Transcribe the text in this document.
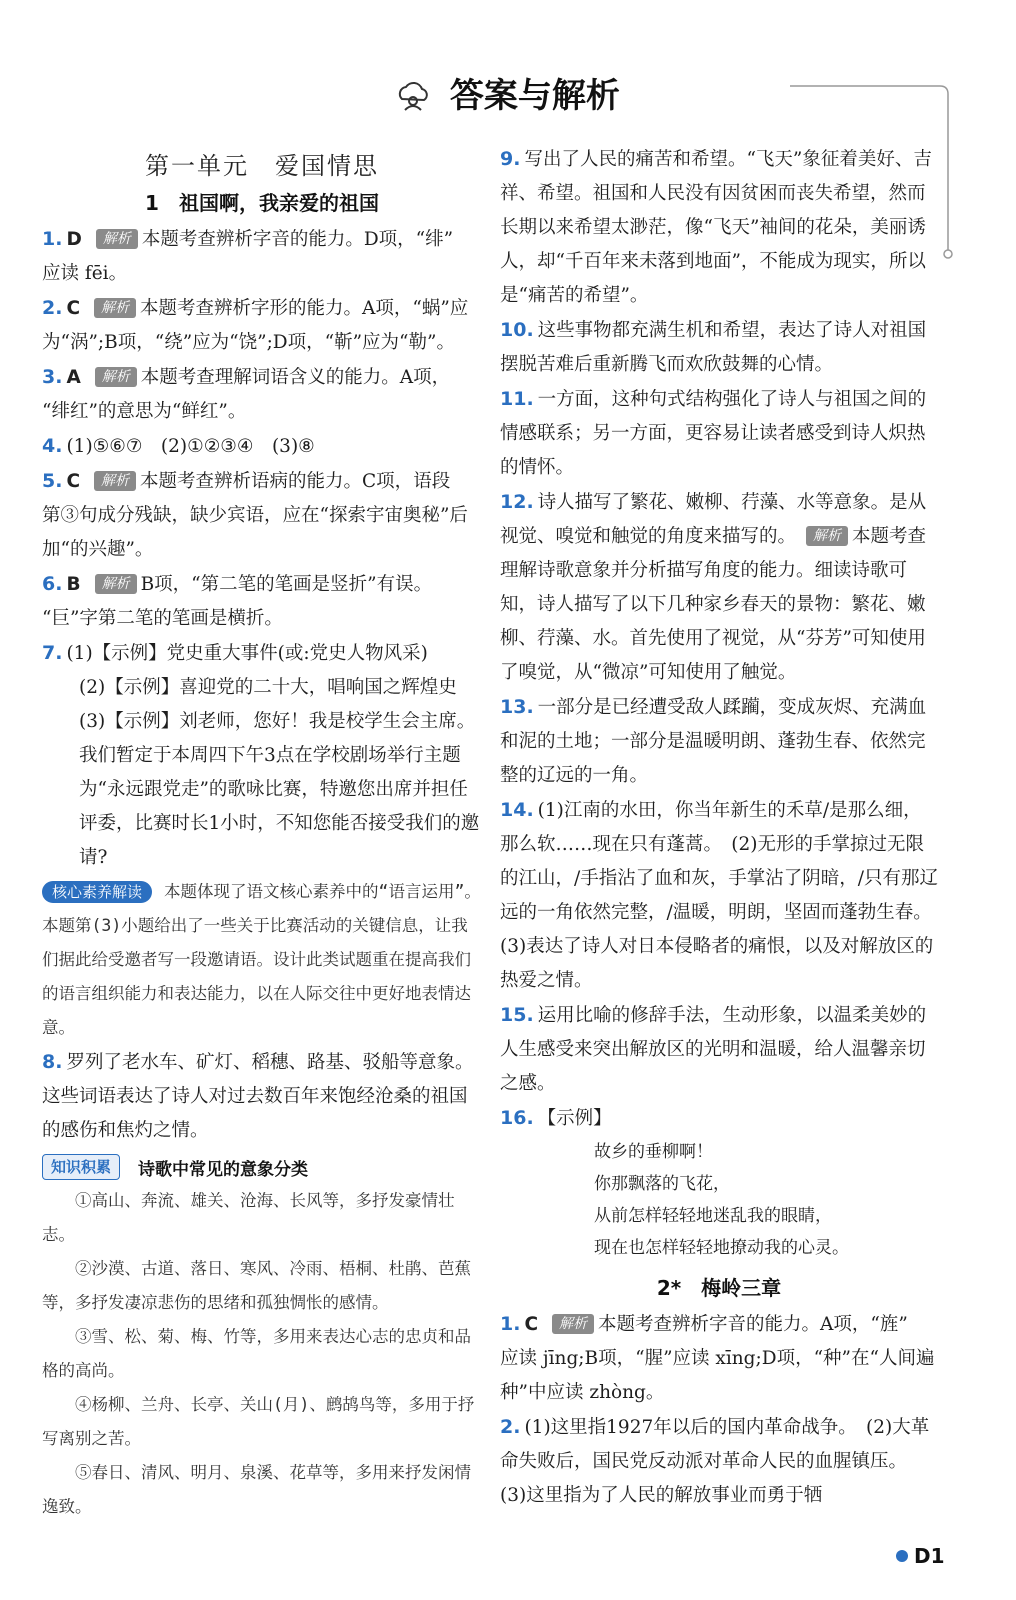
答案与解析
第一单元　爱国情思
1　祖国啊，我亲爱的祖国

1. D 解析 本题考查辨析字音的能力。D项，“绯”
应读 fēi。

2. C 解析 本题考查辨析字形的能力。A项，“蜗”应
为“涡”;B项，“绕”应为“饶”;D项，“靳”应为“勒”。

3. A 解析 本题考查理解词语含义的能力。A项，
“绯红”的意思为“鲜红”。

4. (1)⑤⑥⑦　(2)①②③④　(3)⑧

5. C 解析 本题考查辨析语病的能力。C项，语段
第③句成分残缺，缺少宾语，应在“探索宇宙奥秘”后加“的兴趣”。

6. B 解析 B项，“第二笔的笔画是竖折”有误。
“巨”字第二笔的笔画是横折。

7. (1)【示例】党史重大事件(或:党史人物风采)
(2)【示例】喜迎党的二十大，唱响国之辉煌史
(3)【示例】刘老师，您好！我是校学生会主席。我们暂定于本周四下午3点在学校剧场举行主题为“永远跟党走”的歌咏比赛，特邀您出席并担任评委，比赛时长1小时，不知您能否接受我们的邀请?
核心素养解读 本题体现了语文核心素养中的“语言运用”。本题第(3)小题给出了一些关于比赛活动的关键信息，让我们据此给受邀者写一段邀请语。设计此类试题重在提高我们的语言组织能力和表达能力，以在人际交往中更好地表情达意。

8. 罗列了老水车、矿灯、稻穗、路基、驳船等意象。这些词语表达了诗人对过去数百年来饱经沧桑的祖国的感伤和焦灼之情。

知识积累	诗歌中常见的意象分类
①高山、奔流、雄关、沧海、长风等，多抒发豪情壮志。
②沙漠、古道、落日、寒风、冷雨、梧桐、杜鹃、芭蕉等，多抒发凄凉悲伤的思绪和孤独惆怅的感情。
③雪、松、菊、梅、竹等，多用来表达心志的忠贞和品格的高尚。
④杨柳、兰舟、长亭、关山(月)、鹧鸪鸟等，多用于抒写离别之苦。
⑤春日、清风、明月、泉溪、花草等，多用来抒发闲情逸致。

9. 写出了人民的痛苦和希望。“飞天”象征着美好、吉祥、希望。祖国和人民没有因贫困而丧失希望，然而长期以来希望太渺茫，像“飞天”袖间的花朵，美丽诱人，却“千百年来未落到地面”，不能成为现实，所以是“痛苦的希望”。

10. 这些事物都充满生机和希望，表达了诗人对祖国摆脱苦难后重新腾飞而欢欣鼓舞的心情。

11. 一方面，这种句式结构强化了诗人与祖国之间的情感联系；另一方面，更容易让读者感受到诗人炽热的情怀。

12. 诗人描写了繁花、嫩柳、荇藻、水等意象。是从视觉、嗅觉和触觉的角度来描写的。 解析 本题考查理解诗歌意象并分析描写角度的能力。细读诗歌可知，诗人描写了以下几种家乡春天的景物：繁花、嫩柳、荇藻、水。首先使用了视觉，从“芬芳”可知使用了嗅觉，从“微凉”可知使用了触觉。

13. 一部分是已经遭受敌人蹂躏，变成灰烬、充满血和泥的土地；一部分是温暖明朗、蓬勃生春、依然完整的辽远的一角。

14. (1)江南的水田，你当年新生的禾草/是那么细，那么软……现在只有蓬蒿。　(2)无形的手掌掠过无限的江山，/手指沾了血和灰，手掌沾了阴暗，/只有那辽远的一角依然完整，/温暖，明朗，坚固而蓬勃生春。　(3)表达了诗人对日本侵略者的痛恨，以及对解放区的热爱之情。

15. 运用比喻的修辞手法，生动形象，以温柔美妙的人生感受来突出解放区的光明和温暖，给人温馨亲切之感。

16. 【示例】

故乡的垂柳啊！
你那飘落的飞花，
从前怎样轻轻地迷乱我的眼睛，
现在也怎样轻轻地撩动我的心灵。
2*　梅岭三章

1. C 解析 本题考查辨析字音的能力。A项，“旌”
应读 jīng;B项，“腥”应读 xīng;D项，“种”在“人间遍种”中应读 zhòng。

2. (1)这里指1927年以后的国内革命战争。　(2)大革命失败后，国民党反动派对革命人民的血腥镇压。　(3)这里指为了人民的解放事业而勇于牺

D1
